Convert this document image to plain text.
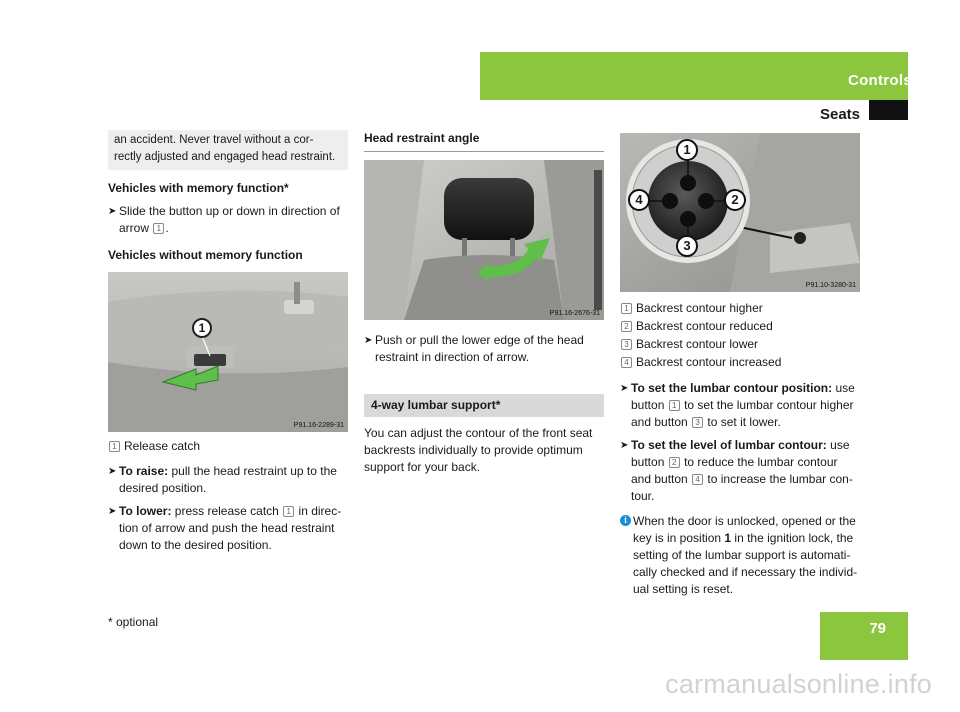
Controls
Seats
an accident. Never travel without a cor- rectly adjusted and engaged head restraint.
Vehicles with memory function*
➤ Slide the button up or down in direction of arrow 1 .
Vehicles without memory function
1
P91.16-2289-31
1 Release catch
➤ To raise: pull the head restraint up to the desired position.
➤ To lower: press release catch 1 in direc- tion of arrow and push the head restraint down to the desired position.
Head restraint angle
P91.16-2676-31
➤ Push or pull the lower edge of the head restraint in direction of arrow.
4-way lumbar support*
You can adjust the contour of the front seat backrests individually to provide optimum support for your back.
1
2
3
4
P91.10-3280-31
1 Backrest contour higher
2 Backrest contour reduced
3 Backrest contour lower
4 Backrest contour increased
➤ To set the lumbar contour position: use button 1 to set the lumbar contour higher and button 3 to set it lower.
➤ To set the level of lumbar contour: use button 2 to reduce the lumbar contour and button 4 to increase the lumbar con- tour.
i When the door is unlocked, opened or the key is in position 1 in the ignition lock, the setting of the lumbar support is automati- cally checked and if necessary the individ- ual setting is reset.
* optional	79
carmanualsonline.info
